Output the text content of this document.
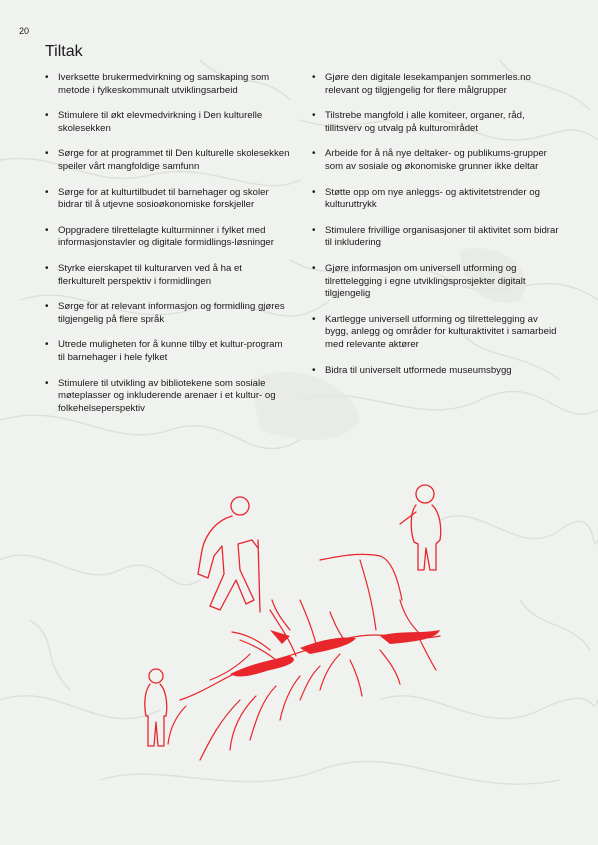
20
Tiltak
• Iverksette brukermedvirkning og samskaping som metode i fylkeskommunalt utviklingsarbeid
• Stimulere til økt elevmedvirkning i Den kulturelle skolesekken
• Sørge for at programmet til Den kulturelle skolesekken speiler vårt mangfoldige samfunn
• Sørge for at kulturtilbudet til barnehager og skoler bidrar til å utjevne sosioøkonomiske forskjeller
• Oppgradere tilrettelagte kulturminner i fylket med informasjonstavler og digitale formidlings-løsninger
• Styrke eierskapet til kulturarven ved å ha et flerkulturelt perspektiv i formidlingen
• Sørge for at relevant informasjon og formidling gjøres tilgjengelig på flere språk
• Utrede muligheten for å kunne tilby et kultur-program til barnehager i hele fylket
• Stimulere til utvikling av bibliotekene som sosiale møteplasser og inkluderende arenaer i et kultur- og folkehelseperspektiv
• Gjøre den digitale lesekampanjen sommerles.no relevant og tilgjengelig for flere målgrupper
• Tilstrebe mangfold i alle komiteer, organer, råd, tillitsverv og utvalg på kulturområdet
• Arbeide for å nå nye deltaker- og publikums-grupper som av sosiale og økonomiske grunner ikke deltar
• Støtte opp om nye anleggs- og aktivitetstrender og kulturuttrykk
• Stimulere frivillige organisasjoner til aktivitet som bidrar til inkludering
• Gjøre informasjon om universell utforming og tilrettelegging i egne utviklingsprosjekter digitalt tilgjengelig
• Kartlegge universell utforming og tilrettelegging av bygg, anlegg og områder for kulturaktivitet i samarbeid med relevante aktører
• Bidra til universelt utformede museumsbygg
